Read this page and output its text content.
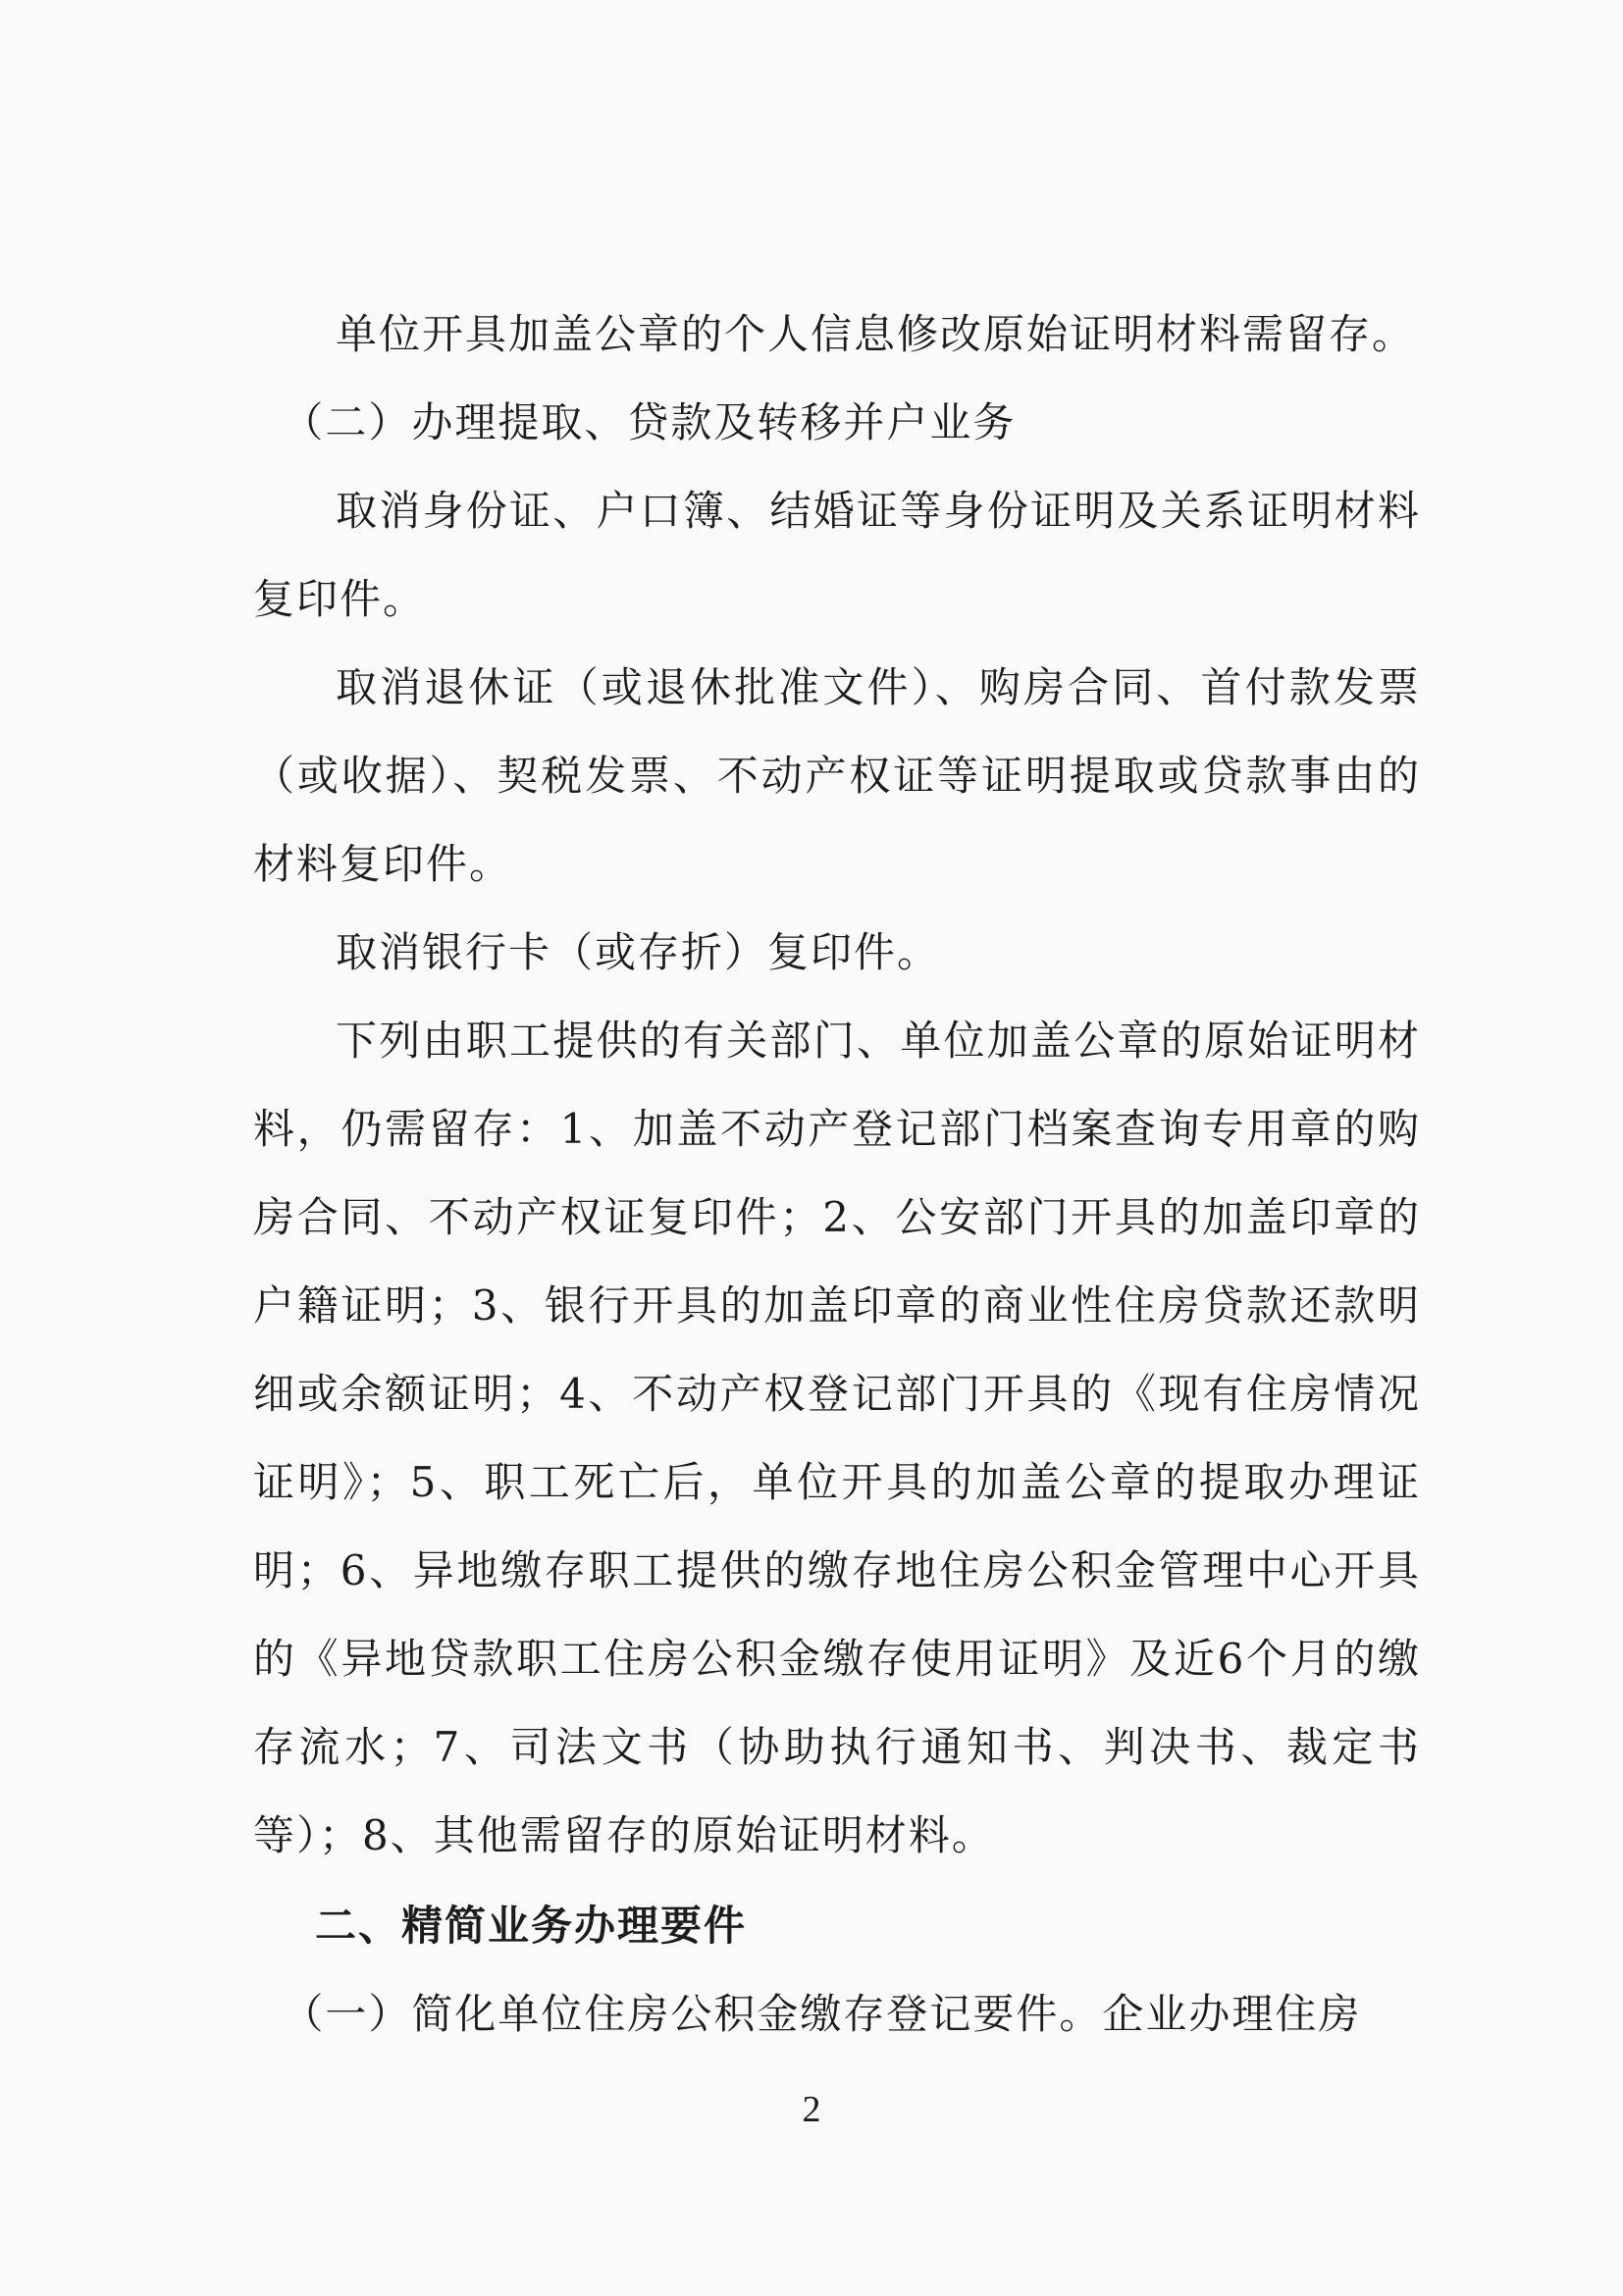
单位开具加盖公章的个人信息修改原始证明材料需留存。

（二）办理提取、贷款及转移并户业务

取消身份证、户口簿、结婚证等身份证明及关系证明材料复印件。

取消退休证（或退休批准文件）、购房合同、首付款发票（或收据）、契税发票、不动产权证等证明提取或贷款事由的材料复印件。

取消银行卡（或存折）复印件。

下列由职工提供的有关部门、单位加盖公章的原始证明材料，仍需留存：1、加盖不动产登记部门档案查询专用章的购房合同、不动产权证复印件；2、公安部门开具的加盖印章的户籍证明；3、银行开具的加盖印章的商业性住房贷款还款明细或余额证明；4、不动产权登记部门开具的《现有住房情况证明》；5、职工死亡后，单位开具的加盖公章的提取办理证明；6、异地缴存职工提供的缴存地住房公积金管理中心开具的《异地贷款职工住房公积金缴存使用证明》及近6个月的缴存流水；7、司法文书（协助执行通知书、判决书、裁定书等）；8、其他需留存的原始证明材料。

二、精简业务办理要件

（一）简化单位住房公积金缴存登记要件。企业办理住房

2
